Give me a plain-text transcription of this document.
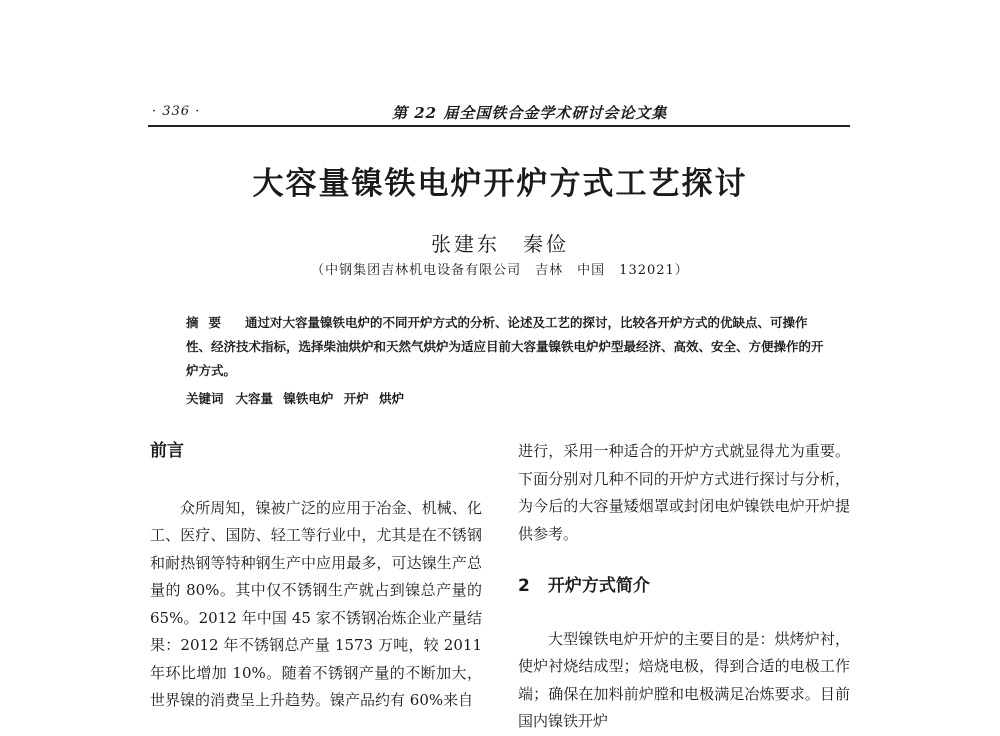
· 336 ·	第 22 届全国铁合金学术研讨会论文集
大容量镍铁电炉开炉方式工艺探讨
张建东　秦俭
（中钢集团吉林机电设备有限公司　吉林　中国　132021）

摘要 通过对大容量镍铁电炉的不同开炉方式的分析、论述及工艺的探讨，比较各开炉方式的优缺点、可操作性、经济技术指标，选择柴油烘炉和天然气烘炉为适应目前大容量镍铁电炉炉型最经济、高效、安全、方便操作的开炉方式。

关键词 大容量 镍铁电炉 开炉 烘炉
前言

众所周知，镍被广泛的应用于冶金、机械、化工、医疗、国防、轻工等行业中，尤其是在不锈钢和耐热钢等特种钢生产中应用最多，可达镍生产总量的 80%。其中仅不锈钢生产就占到镍总产量的 65%。2012 年中国 45 家不锈钢冶炼企业产量结果：2012 年不锈钢总产量 1573 万吨，较 2011 年环比增加 10%。随着不锈钢产量的不断加大，世界镍的消费呈上升趋势。镍产品约有 60%来自

进行，采用一种适合的开炉方式就显得尤为重要。下面分别对几种不同的开炉方式进行探讨与分析，为今后的大容量矮烟罩或封闭电炉镍铁电炉开炉提供参考。

2 开炉方式简介

大型镍铁电炉开炉的主要目的是：烘烤炉衬，使炉衬烧结成型；焙烧电极，得到合适的电极工作端；确保在加料前炉膛和电极满足冶炼要求。目前国内镍铁开炉
